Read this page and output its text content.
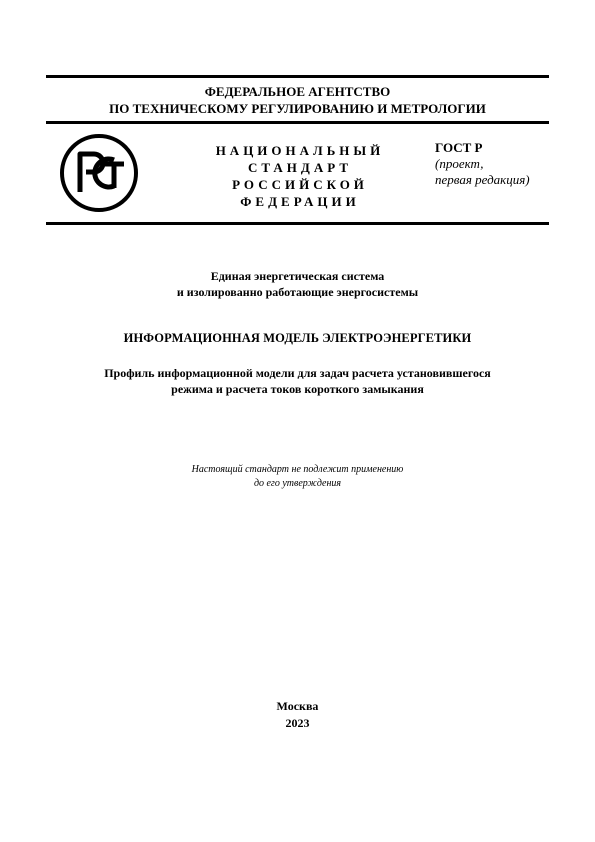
ФЕДЕРАЛЬНОЕ АГЕНТСТВО
ПО ТЕХНИЧЕСКОМУ РЕГУЛИРОВАНИЮ И МЕТРОЛОГИИ
НАЦИОНАЛЬНЫЙ
СТАНДАРТ
РОССИЙСКОЙ
ФЕДЕРАЦИИ
ГОСТ Р
(проект,
первая редакция)
Единая энергетическая система
и изолированно работающие энергосистемы
ИНФОРМАЦИОННАЯ МОДЕЛЬ ЭЛЕКТРОЭНЕРГЕТИКИ
Профиль информационной модели для задач расчета установившегося
режима и расчета токов короткого замыкания
Настоящий стандарт не подлежит применению
до его утверждения
Москва
2023
